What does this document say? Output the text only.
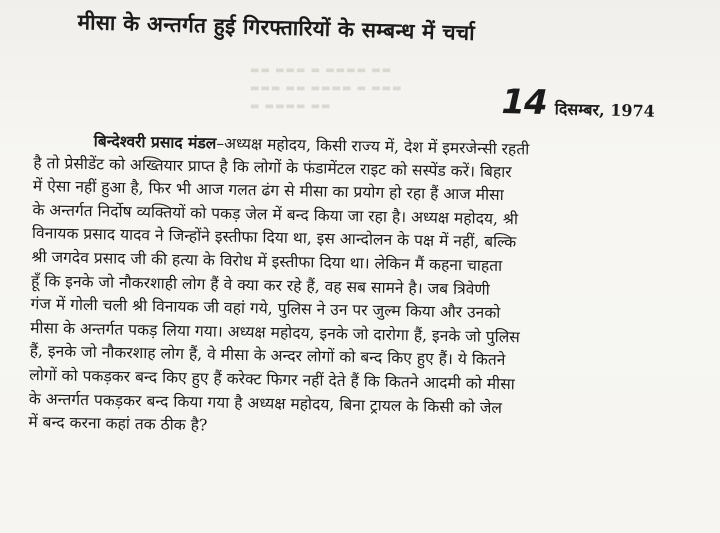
▬▬ ▬▬▬ ▬ ▬▬▬▬ ▬▬
▬▬▬ ▬▬ ▬▬▬▬ ▬ ▬▬▬
▬ ▬▬▬▬ ▬▬
मीसा के अन्तर्गत हुई गिरफ्तारियों के सम्बन्ध में चर्चा
14 दिसम्बर, 1974
बिन्देश्वरी प्रसाद मंडल–अध्यक्ष महोदय, किसी राज्य में, देश में इमरजेन्सी रहती
है तो प्रेसीडेंट को अख्तियार प्राप्त है कि लोगों के फंडामेंटल राइट को सस्पेंड करें। बिहार
में ऐसा नहीं हुआ है, फिर भी आज गलत ढंग से मीसा का प्रयोग हो रहा हैं आज मीसा
के अन्तर्गत निर्दोष व्यक्तियों को पकड़ जेल में बन्द किया जा रहा है। अध्यक्ष महोदय, श्री
विनायक प्रसाद यादव ने जिन्होंने इस्तीफा दिया था, इस आन्दोलन के पक्ष में नहीं, बल्कि
श्री जगदेव प्रसाद जी की हत्या के विरोध में इस्तीफा दिया था। लेकिन मैं कहना चाहता
हूँ कि इनके जो नौकरशाही लोग हैं वे क्या कर रहे हैं, वह सब सामने है। जब त्रिवेणी
गंज में गोली चली श्री विनायक जी वहां गये, पुलिस ने उन पर जुल्म किया और उनको
मीसा के अन्तर्गत पकड़ लिया गया। अध्यक्ष महोदय, इनके जो दारोगा हैं, इनके जो पुलिस
हैं, इनके जो नौकरशाह लोग हैं, वे मीसा के अन्दर लोगों को बन्द किए हुए हैं। ये कितने
लोगों को पकड़कर बन्द किए हुए हैं करेक्ट फिगर नहीं देते हैं कि कितने आदमी को मीसा
के अन्तर्गत पकड़कर बन्द किया गया है अध्यक्ष महोदय, बिना ट्रायल के किसी को जेल
में बन्द करना कहां तक ठीक है?
